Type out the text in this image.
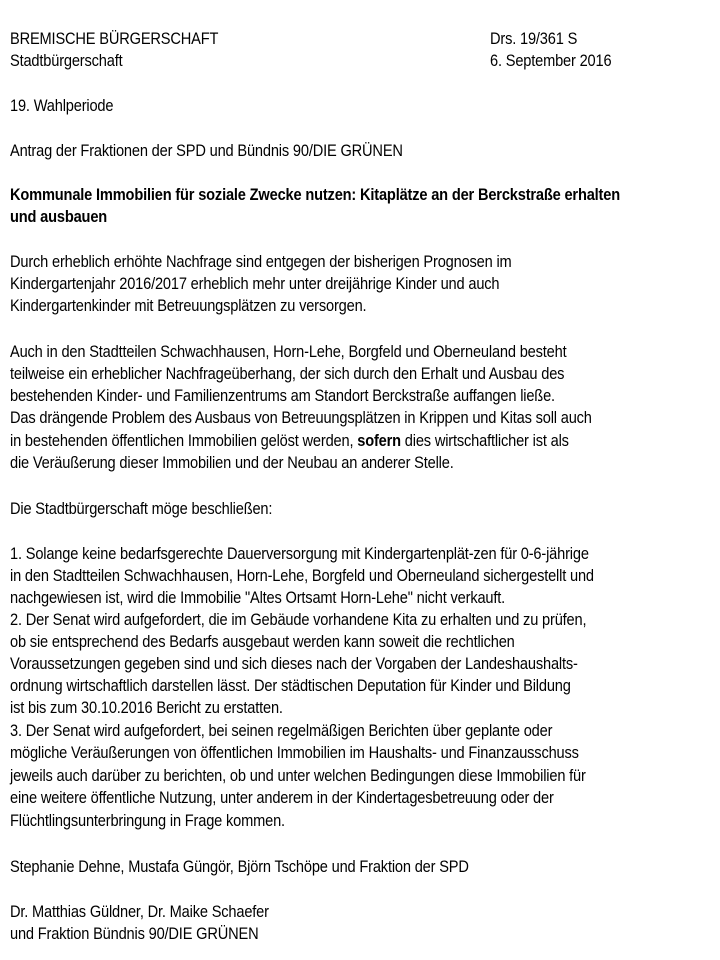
BREMISCHE BÜRGERSCHAFT
Stadtbürgerschaft
Drs. 19/361 S
6. September 2016
19. Wahlperiode
Antrag der Fraktionen der SPD und Bündnis 90/DIE GRÜNEN
Kommunale Immobilien für soziale Zwecke nutzen: Kitaplätze an der Berckstraße erhalten
und ausbauen
Durch erheblich erhöhte Nachfrage sind entgegen der bisherigen Prognosen im
Kindergartenjahr 2016/2017 erheblich mehr unter dreijährige Kinder und auch
Kindergartenkinder mit Betreuungsplätzen zu versorgen.
Auch in den Stadtteilen Schwachhausen, Horn-Lehe, Borgfeld und Oberneuland besteht
teilweise ein erheblicher Nachfrageüberhang, der sich durch den Erhalt und Ausbau des
bestehenden Kinder- und Familienzentrums am Standort Berckstraße auffangen ließe.
Das drängende Problem des Ausbaus von Betreuungsplätzen in Krippen und Kitas soll auch
in bestehenden öffentlichen Immobilien gelöst werden, sofern dies wirtschaftlicher ist als
die Veräußerung dieser Immobilien und der Neubau an anderer Stelle.
Die Stadtbürgerschaft möge beschließen:
1. Solange keine bedarfsgerechte Dauerversorgung mit Kindergartenplät-zen für 0-6-jährige
in den Stadtteilen Schwachhausen, Horn-Lehe, Borgfeld und Oberneuland sichergestellt und
nachgewiesen ist, wird die Immobilie "Altes Ortsamt Horn-Lehe" nicht verkauft.
2. Der Senat wird aufgefordert, die im Gebäude vorhandene Kita zu erhalten und zu prüfen,
ob sie entsprechend des Bedarfs ausgebaut werden kann soweit die rechtlichen
Voraussetzungen gegeben sind und sich dieses nach der Vorgaben der Landeshaushalts-
ordnung wirtschaftlich darstellen lässt. Der städtischen Deputation für Kinder und Bildung
ist bis zum 30.10.2016 Bericht zu erstatten.
3. Der Senat wird aufgefordert, bei seinen regelmäßigen Berichten über geplante oder
mögliche Veräußerungen von öffentlichen Immobilien im Haushalts- und Finanzausschuss
jeweils auch darüber zu berichten, ob und unter welchen Bedingungen diese Immobilien für
eine weitere öffentliche Nutzung, unter anderem in der Kindertagesbetreuung oder der
Flüchtlingsunterbringung in Frage kommen.
Stephanie Dehne, Mustafa Güngör, Björn Tschöpe und Fraktion der SPD
Dr. Matthias Güldner, Dr. Maike Schaefer
und Fraktion Bündnis 90/DIE GRÜNEN
